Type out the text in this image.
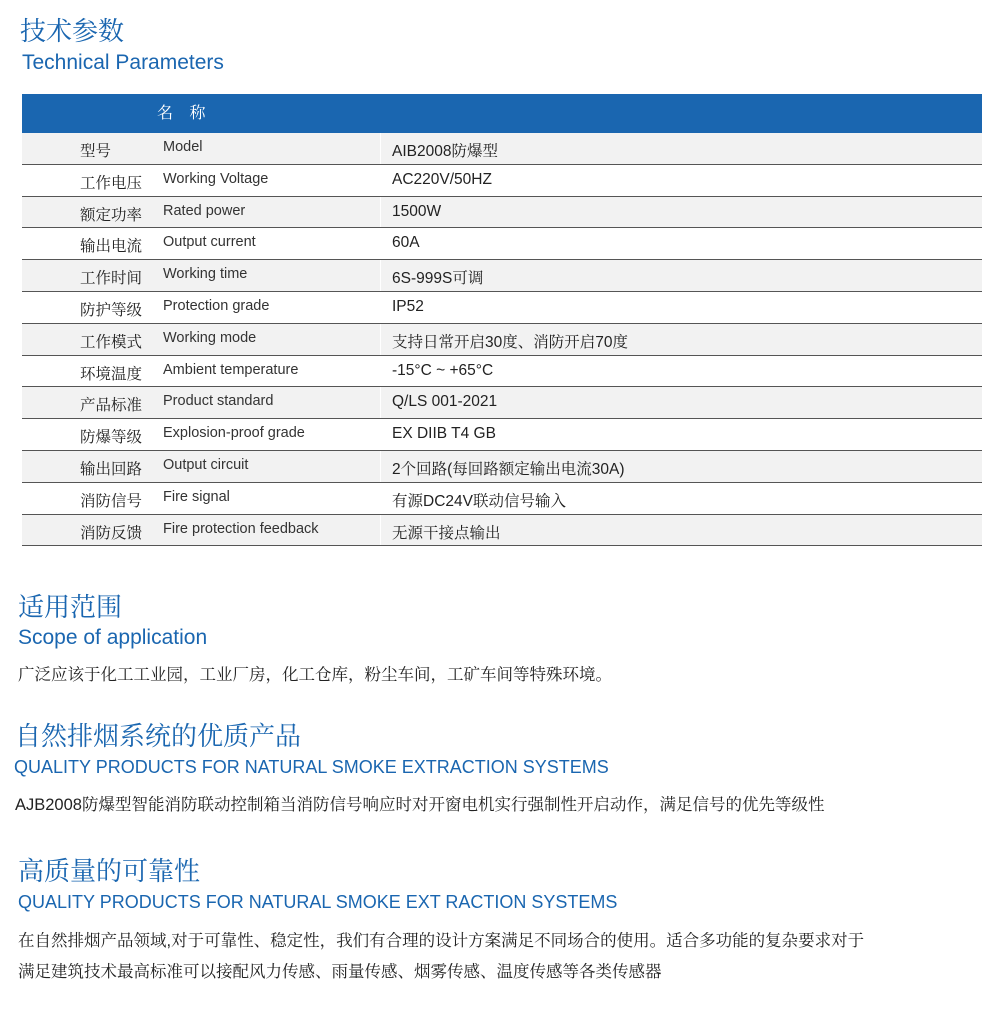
技术参数
Technical Parameters
名 称
型号	Model	AIB2008防爆型
工作电压 Working Voltage	AC220V/50HZ
额定功率 Rated power	1500W
输出电流 Output current	60A
工作时间 Working time	6S-999S可调
防护等级 Protection grade	IP52
工作模式 Working mode	支持日常开启30度、消防开启70度
环境温度 Ambient temperature	-15°C ~ +65°C
产品标准 Product standard	Q/LS 001-2021
防爆等级 Explosion-proof grade	EX DIIB T4 GB
输出回路 Output circuit	2个回路(每回路额定输出电流30A)
消防信号 Fire signal	有源DC24V联动信号输入
消防反馈 Fire protection feedback	无源干接点输出
适用范围
Scope of application
广泛应该于化工工业园，工业厂房，化工仓库，粉尘车间，工矿车间等特殊环境。
自然排烟系统的优质产品
QUALITY PRODUCTS FOR NATURAL SMOKE EXTRACTION SYSTEMS
AJB2008防爆型智能消防联动控制箱当消防信号响应时对开窗电机实行强制性开启动作，满足信号的优先等级性
高质量的可靠性
QUALITY PRODUCTS FOR NATURAL SMOKE EXT RACTION SYSTEMS
在自然排烟产品领域,对于可靠性、稳定性，我们有合理的设计方案满足不同场合的使用。适合多功能的复杂要求对于
满足建筑技术最高标准可以接配风力传感、雨量传感、烟雾传感、温度传感等各类传感器
